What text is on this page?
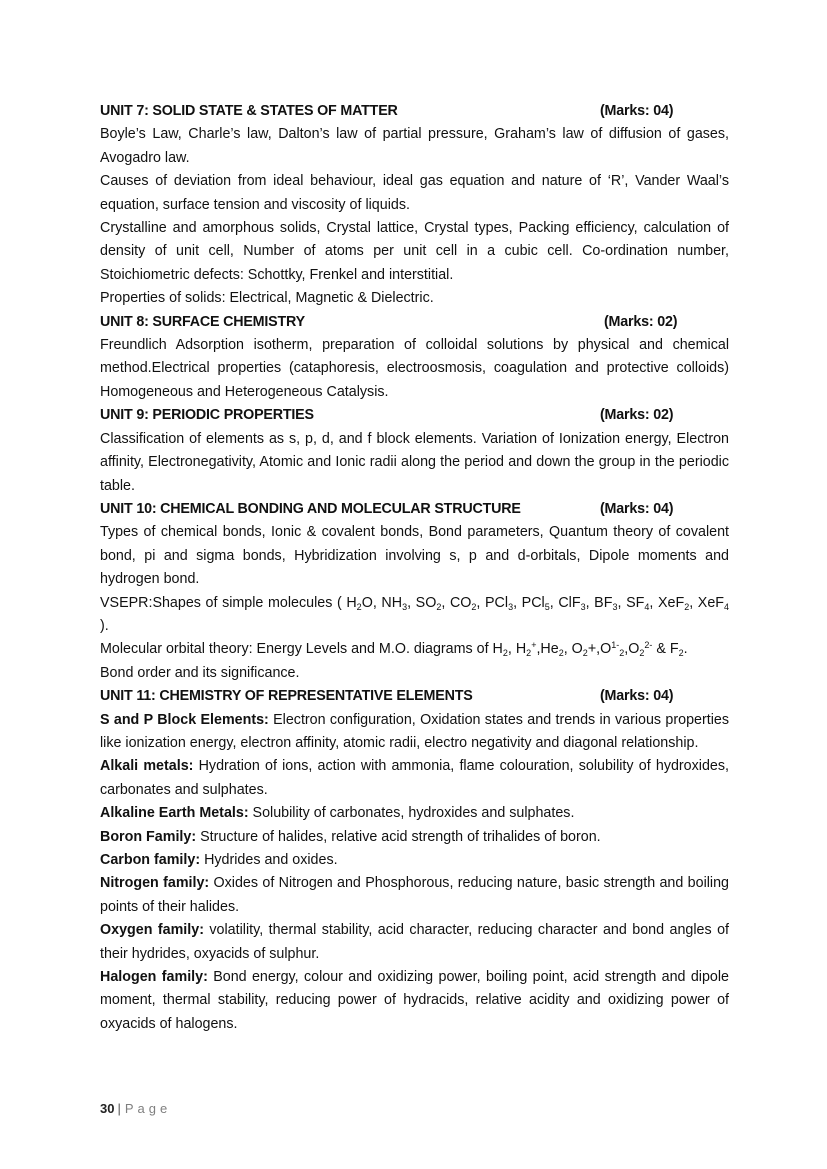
UNIT 7: SOLID STATE & STATES OF MATTER	(Marks: 04)

Boyle’s Law, Charle’s law, Dalton’s law of partial pressure, Graham’s law of diffusion of gases, Avogadro law.

Causes of deviation from ideal behaviour, ideal gas equation and nature of ‘R’, Vander Waal’s equation, surface tension and viscosity of liquids.

Crystalline and amorphous solids, Crystal lattice, Crystal types, Packing efficiency, calculation of density of unit cell, Number of atoms per unit cell in a cubic cell. Co-ordination number, Stoichiometric defects: Schottky, Frenkel and interstitial.

Properties of solids: Electrical, Magnetic & Dielectric.

UNIT 8: SURFACE CHEMISTRY	(Marks: 02)

Freundlich Adsorption isotherm, preparation of colloidal solutions by physical and chemical method.Electrical properties (cataphoresis, electroosmosis, coagulation and protective colloids) Homogeneous and Heterogeneous Catalysis.

UNIT 9: PERIODIC PROPERTIES	(Marks: 02)

Classification of elements as s, p, d, and f block elements. Variation of Ionization energy, Electron affinity, Electronegativity, Atomic and Ionic radii along the period and down the group in the periodic table.

UNIT 10: CHEMICAL BONDING AND MOLECULAR STRUCTURE	(Marks: 04)

Types of chemical bonds, Ionic & covalent bonds, Bond parameters, Quantum theory of covalent bond, pi and sigma bonds, Hybridization involving s, p and d-orbitals, Dipole moments and hydrogen bond.

VSEPR:Shapes of simple molecules ( $H_2O$, $NH_3$, $SO_2$, $CO_2$, PCl$_3$, PCl$_5$, ClF$_3$, $BF_3$, $SF_4$, XeF$_2$, XeF$_4$ ).

Molecular orbital theory: Energy Levels and M.O. diagrams of $H_2$, $H_2^+,He_2$, $O_2+,O^{1-}_2,O_2^{2-}$ & $F_2$.

Bond order and its significance.

UNIT 11: CHEMISTRY OF REPRESENTATIVE ELEMENTS	(Marks: 04)

S and P Block Elements: Electron configuration, Oxidation states and trends in various properties like ionization energy, electron affinity, atomic radii, electro negativity and diagonal relationship.

Alkali metals: Hydration of ions, action with ammonia, flame colouration, solubility of hydroxides, carbonates and sulphates.

Alkaline Earth Metals: Solubility of carbonates, hydroxides and sulphates.

Boron Family: Structure of halides, relative acid strength of trihalides of boron.

Carbon family: Hydrides and oxides.

Nitrogen family: Oxides of Nitrogen and Phosphorous, reducing nature, basic strength and boiling points of their halides.

Oxygen family: volatility, thermal stability, acid character, reducing character and bond angles of their hydrides, oxyacids of sulphur.

Halogen family: Bond energy, colour and oxidizing power, boiling point, acid strength and dipole moment, thermal stability, reducing power of hydracids, relative acidity and oxidizing power of oxyacids of halogens.

30 | Page
